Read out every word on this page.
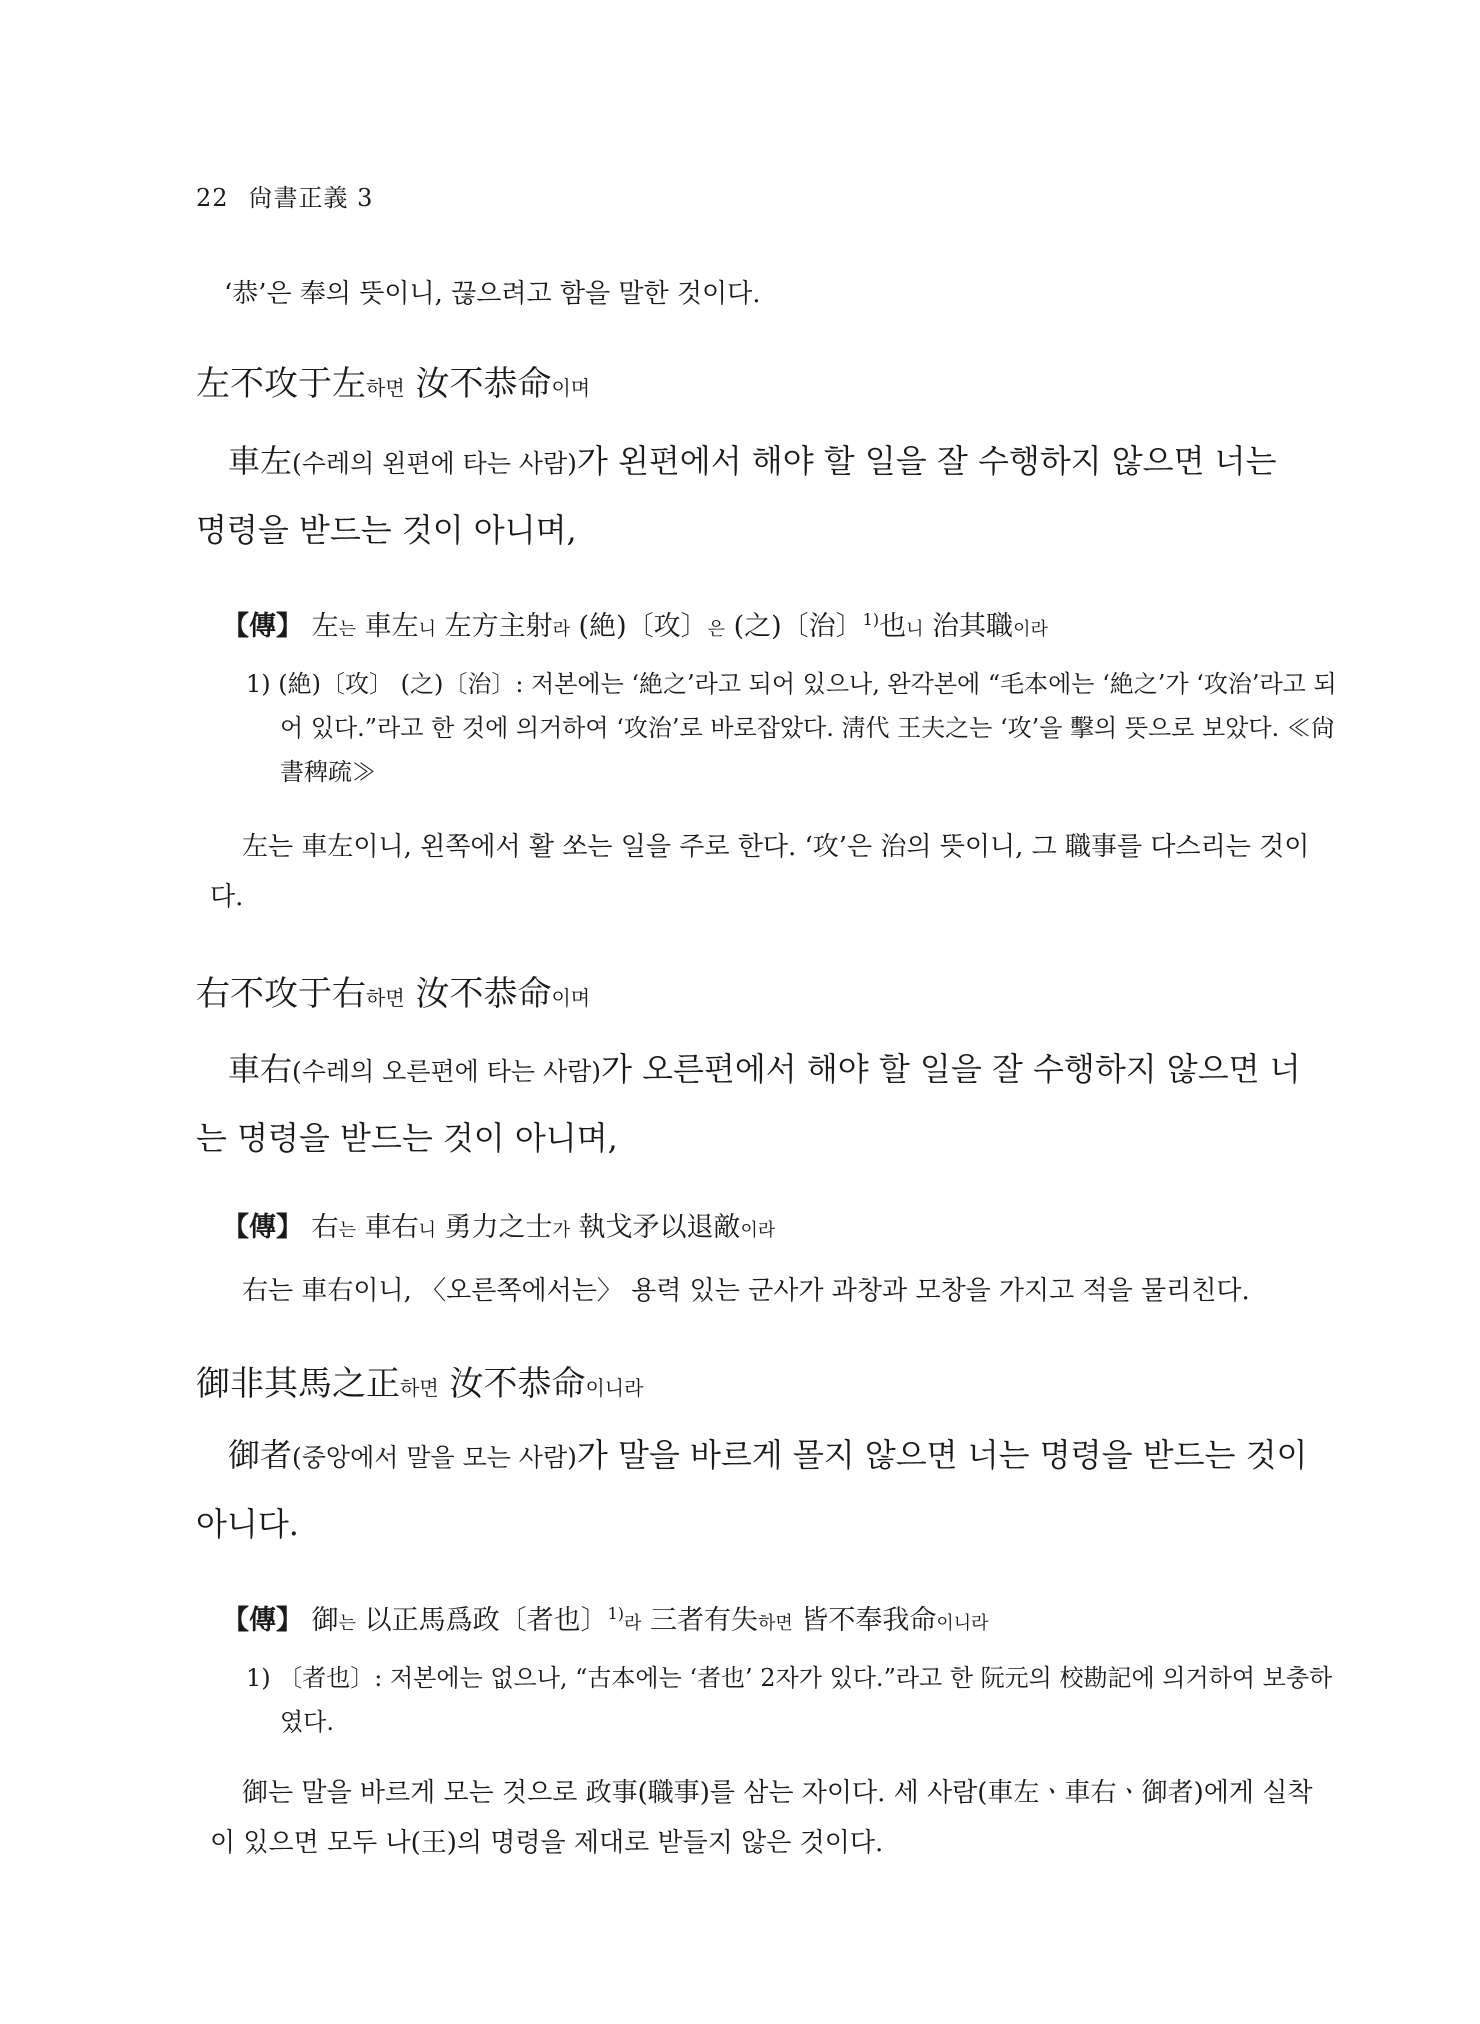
22 尙書正義 3
‘恭’은 奉의 뜻이니, 끊으려고 함을 말한 것이다.
左不攻于左하면 汝不恭命이며
車左(수레의 왼편에 타는 사람)가 왼편에서 해야 할 일을 잘 수행하지 않으면 너는 명령을 받드는 것이 아니며,
【傳】 左는 車左니 左方主射라 (絶)〔攻〕은 (之)〔治〕$^{1)}$也니 治其職이라
1) (絶)〔攻〕 (之)〔治〕: 저본에는 ‘絶之’라고 되어 있으나, 완각본에 “毛本에는 ‘絶之’가 ‘攻治’라고 되어 있다.”라고 한 것에 의거하여 ‘攻治’로 바로잡았다. 淸代 王夫之는 ‘攻’을 擊의 뜻으로 보았다. ≪尙書稗疏≫
左는 車左이니, 왼쪽에서 활 쏘는 일을 주로 한다. ‘攻’은 治의 뜻이니, 그 職事를 다스리는 것이다.
右不攻于右하면 汝不恭命이며
車右(수레의 오른편에 타는 사람)가 오른편에서 해야 할 일을 잘 수행하지 않으면 너는 명령을 받드는 것이 아니며,
【傳】 右는 車右니 勇力之士가 執戈矛以退敵이라
右는 車右이니, 〈오른쪽에서는〉 용력 있는 군사가 과창과 모창을 가지고 적을 물리친다.
御非其馬之正하면 汝不恭命이니라
御者(중앙에서 말을 모는 사람)가 말을 바르게 몰지 않으면 너는 명령을 받드는 것이 아니다.
【傳】 御는 以正馬爲政〔者也〕$^{1)}$라 三者有失하면 皆不奉我命이니라
1) 〔者也〕: 저본에는 없으나, “古本에는 ‘者也’ 2자가 있다.”라고 한 阮元의 校勘記에 의거하여 보충하였다.
御는 말을 바르게 모는 것으로 政事(職事)를 삼는 자이다. 세 사람(車左ㆍ車右ㆍ御者)에게 실착이 있으면 모두 나(王)의 명령을 제대로 받들지 않은 것이다.
